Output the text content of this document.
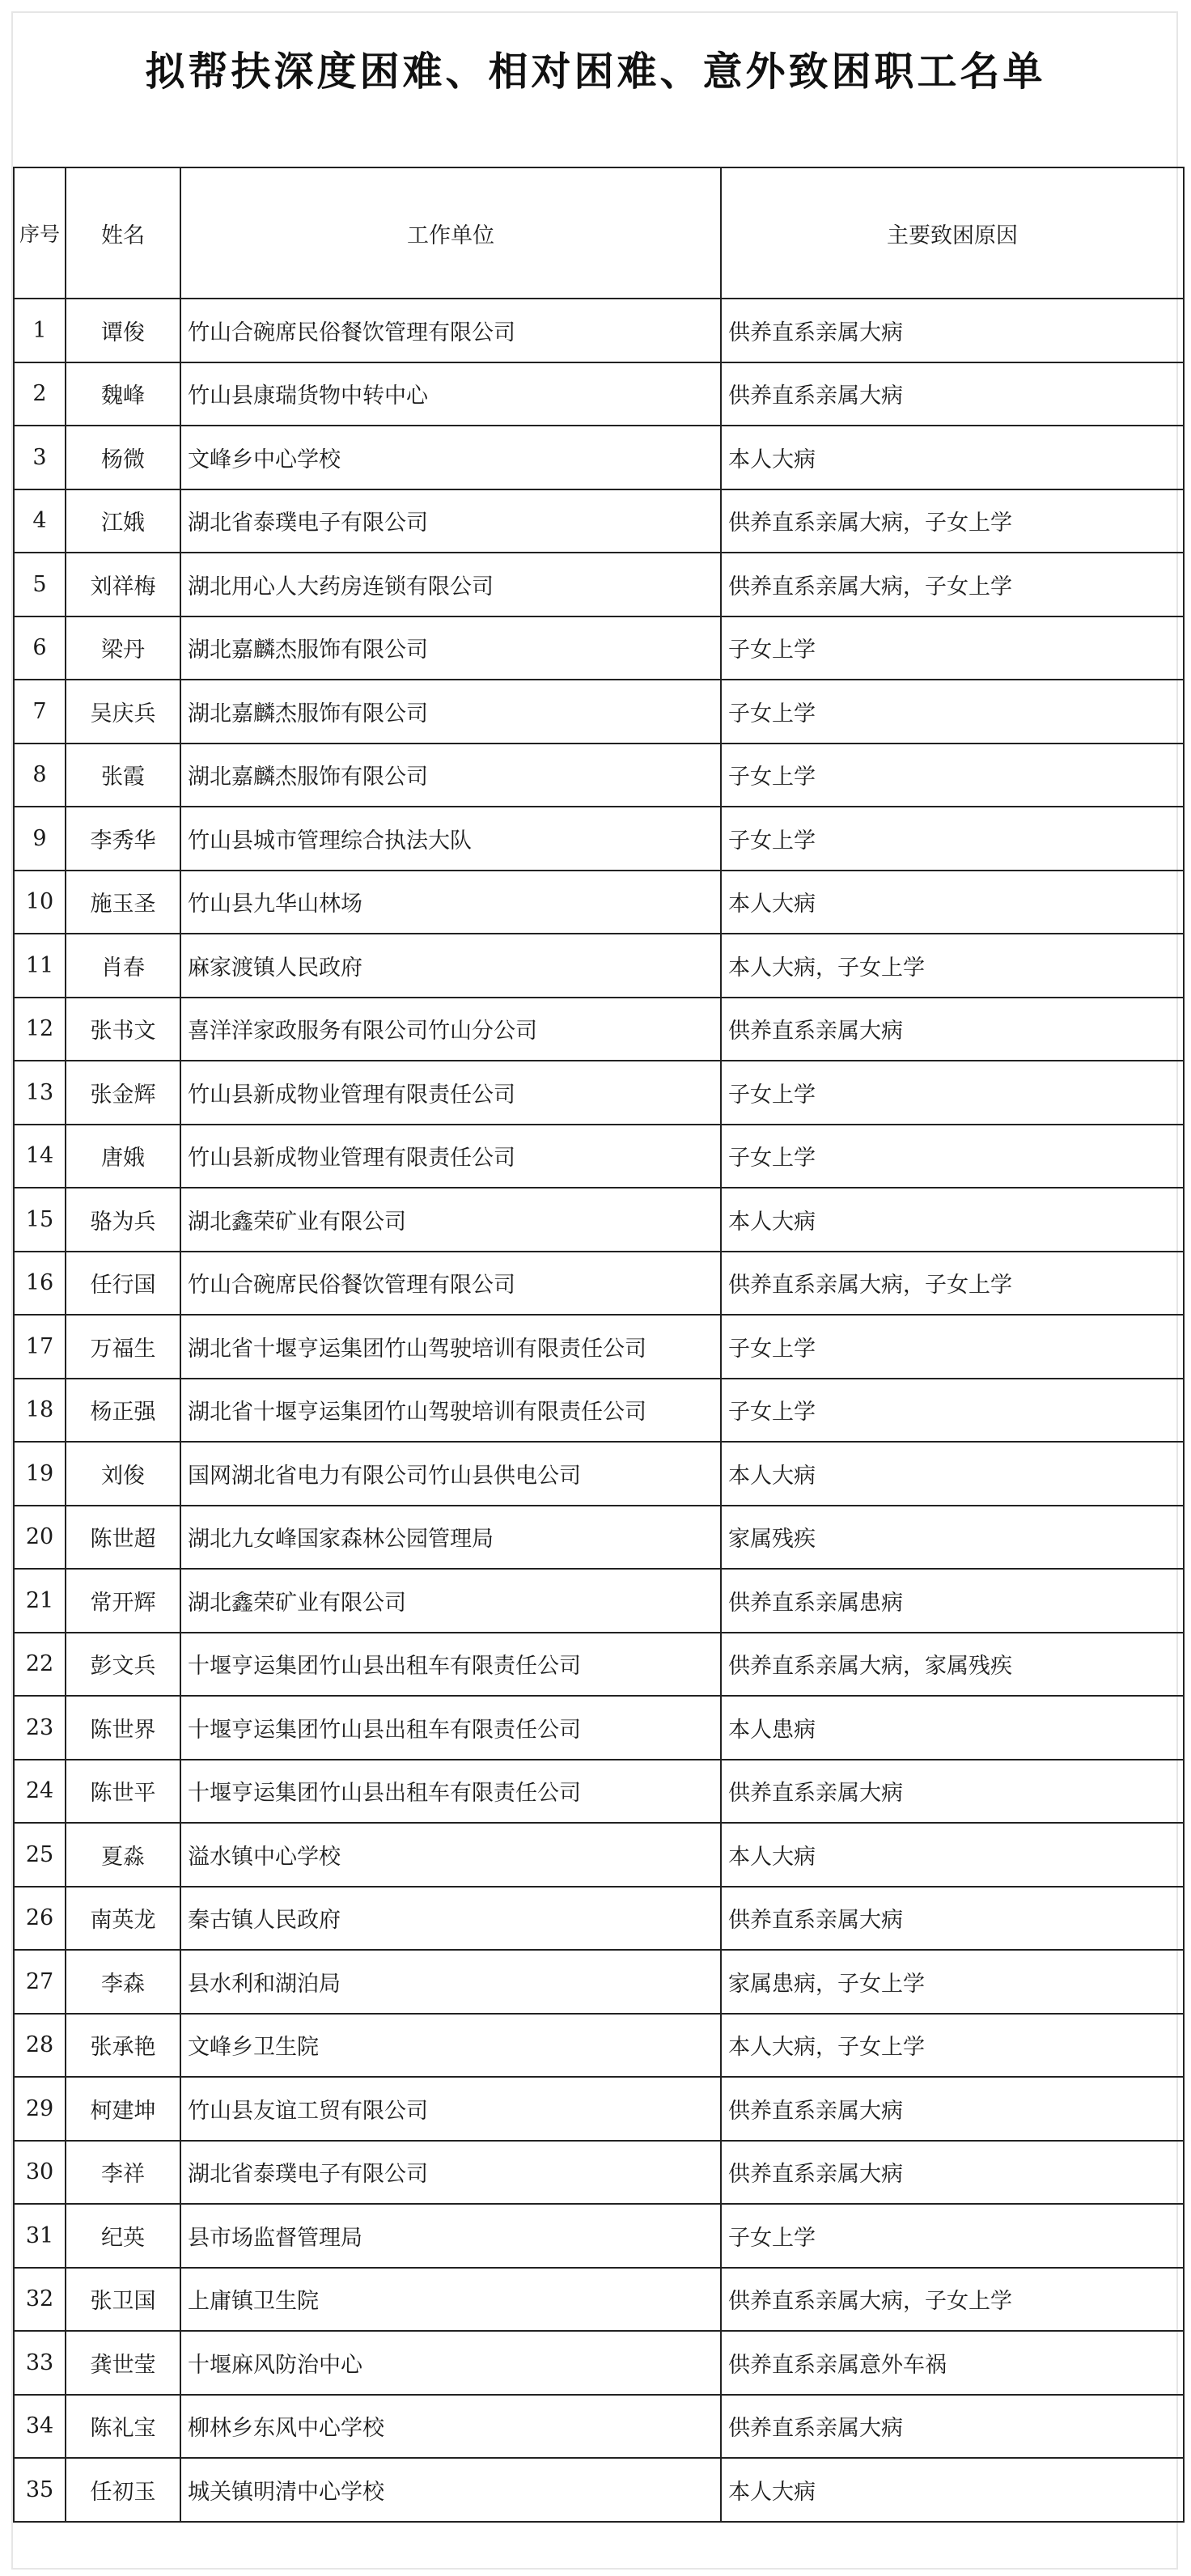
拟帮扶深度困难、相对困难、意外致困职工名单
序号	姓名	工作单位	主要致困原因
1	谭俊	竹山合碗席民俗餐饮管理有限公司	供养直系亲属大病
2	魏峰	竹山县康瑞货物中转中心	供养直系亲属大病
3	杨微	文峰乡中心学校	本人大病
4	江娥	湖北省泰璞电子有限公司	供养直系亲属大病，子女上学
5	刘祥梅	湖北用心人大药房连锁有限公司	供养直系亲属大病，子女上学
6	梁丹	湖北嘉麟杰服饰有限公司	子女上学
7	吴庆兵	湖北嘉麟杰服饰有限公司	子女上学
8	张霞	湖北嘉麟杰服饰有限公司	子女上学
9	李秀华	竹山县城市管理综合执法大队	子女上学
10	施玉圣	竹山县九华山林场	本人大病
11	肖春	麻家渡镇人民政府	本人大病，子女上学
12	张书文	喜洋洋家政服务有限公司竹山分公司	供养直系亲属大病
13	张金辉	竹山县新成物业管理有限责任公司	子女上学
14	唐娥	竹山县新成物业管理有限责任公司	子女上学
15	骆为兵	湖北鑫荣矿业有限公司	本人大病
16	任行国	竹山合碗席民俗餐饮管理有限公司	供养直系亲属大病，子女上学
17	万福生	湖北省十堰亨运集团竹山驾驶培训有限责任公司	子女上学
18	杨正强	湖北省十堰亨运集团竹山驾驶培训有限责任公司	子女上学
19	刘俊	国网湖北省电力有限公司竹山县供电公司	本人大病
20	陈世超	湖北九女峰国家森林公园管理局	家属残疾
21	常开辉	湖北鑫荣矿业有限公司	供养直系亲属患病
22	彭文兵	十堰亨运集团竹山县出租车有限责任公司	供养直系亲属大病，家属残疾
23	陈世界	十堰亨运集团竹山县出租车有限责任公司	本人患病
24	陈世平	十堰亨运集团竹山县出租车有限责任公司	供养直系亲属大病
25	夏淼	溢水镇中心学校	本人大病
26	南英龙	秦古镇人民政府	供养直系亲属大病
27	李森	县水利和湖泊局	家属患病，子女上学
28	张承艳	文峰乡卫生院	本人大病，子女上学
29	柯建坤	竹山县友谊工贸有限公司	供养直系亲属大病
30	李祥	湖北省泰璞电子有限公司	供养直系亲属大病
31	纪英	县市场监督管理局	子女上学
32	张卫国	上庸镇卫生院	供养直系亲属大病，子女上学
33	龚世莹	十堰麻风防治中心	供养直系亲属意外车祸
34	陈礼宝	柳林乡东风中心学校	供养直系亲属大病
35	任初玉	城关镇明清中心学校	本人大病
